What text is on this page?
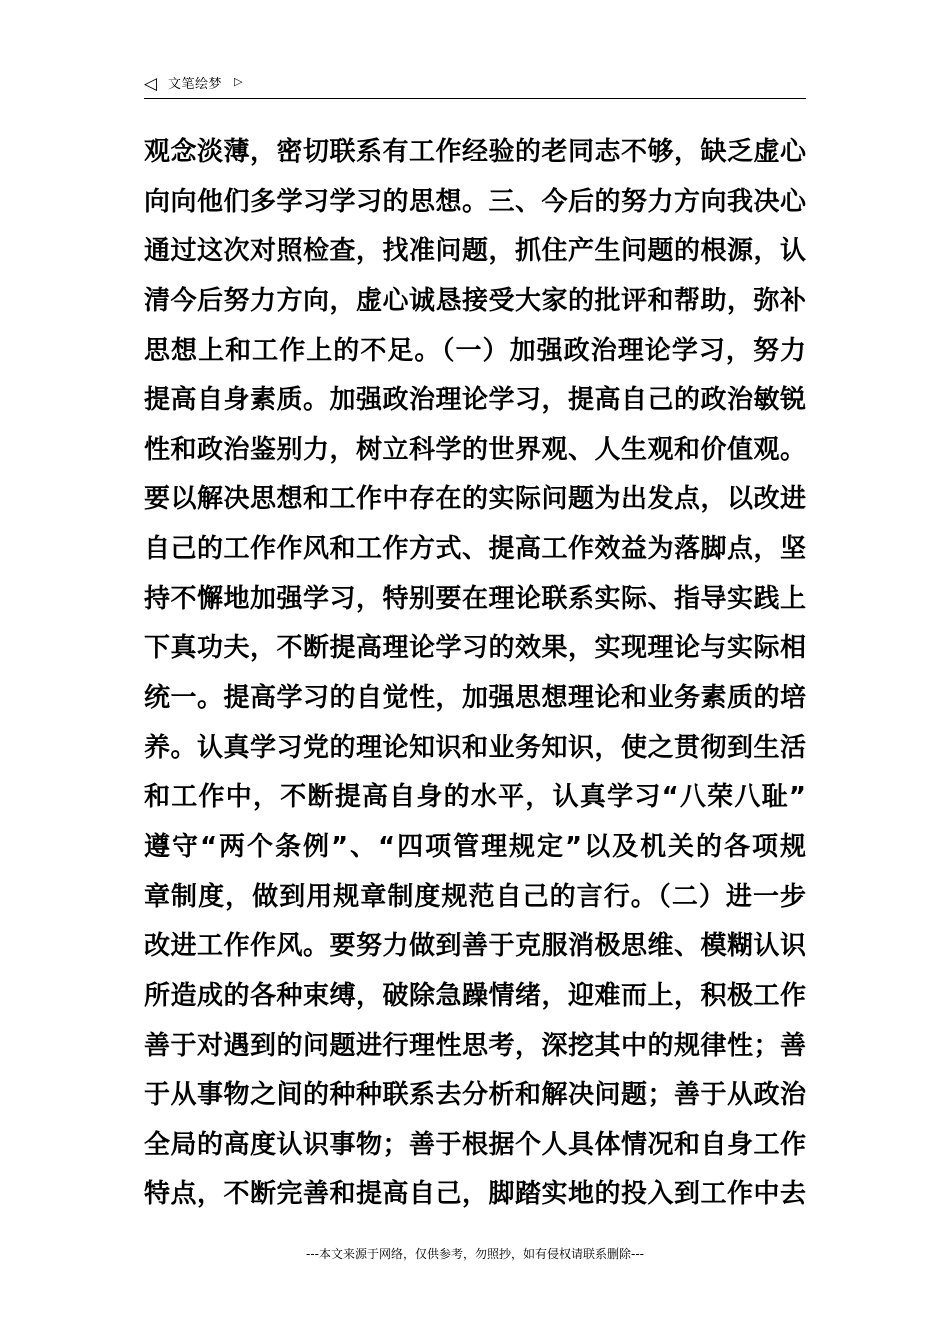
◁ 文笔绘梦 ▷
观念淡薄，密切联系有工作经验的老同志不够，缺乏虚心
向向他们多学习学习的思想。三、今后的努力方向我决心
通过这次对照检查，找准问题，抓住产生问题的根源，认
清今后努力方向，虚心诚恳接受大家的批评和帮助，弥补
思想上和工作上的不足。（一）加强政治理论学习，努力
提高自身素质。加强政治理论学习，提高自己的政治敏锐
性和政治鉴别力，树立科学的世界观、人生观和价值观。
要以解决思想和工作中存在的实际问题为出发点，以改进
自己的工作作风和工作方式、提高工作效益为落脚点，坚
持不懈地加强学习，特别要在理论联系实际、指导实践上
下真功夫，不断提高理论学习的效果，实现理论与实际相
统一。提高学习的自觉性，加强思想理论和业务素质的培
养。认真学习党的理论知识和业务知识，使之贯彻到生活
和工作中，不断提高自身的水平，认真学习“八荣八耻”
遵守“两个条例”、“四项管理规定”以及机关的各项规
章制度，做到用规章制度规范自己的言行。（二）进一步
改进工作作风。要努力做到善于克服消极思维、模糊认识
所造成的各种束缚，破除急躁情绪，迎难而上，积极工作
善于对遇到的问题进行理性思考，深挖其中的规律性；善
于从事物之间的种种联系去分析和解决问题；善于从政治
全局的高度认识事物；善于根据个人具体情况和自身工作
特点，不断完善和提高自己，脚踏实地的投入到工作中去
---本文来源于网络，仅供参考，勿照抄，如有侵权请联系删除---
